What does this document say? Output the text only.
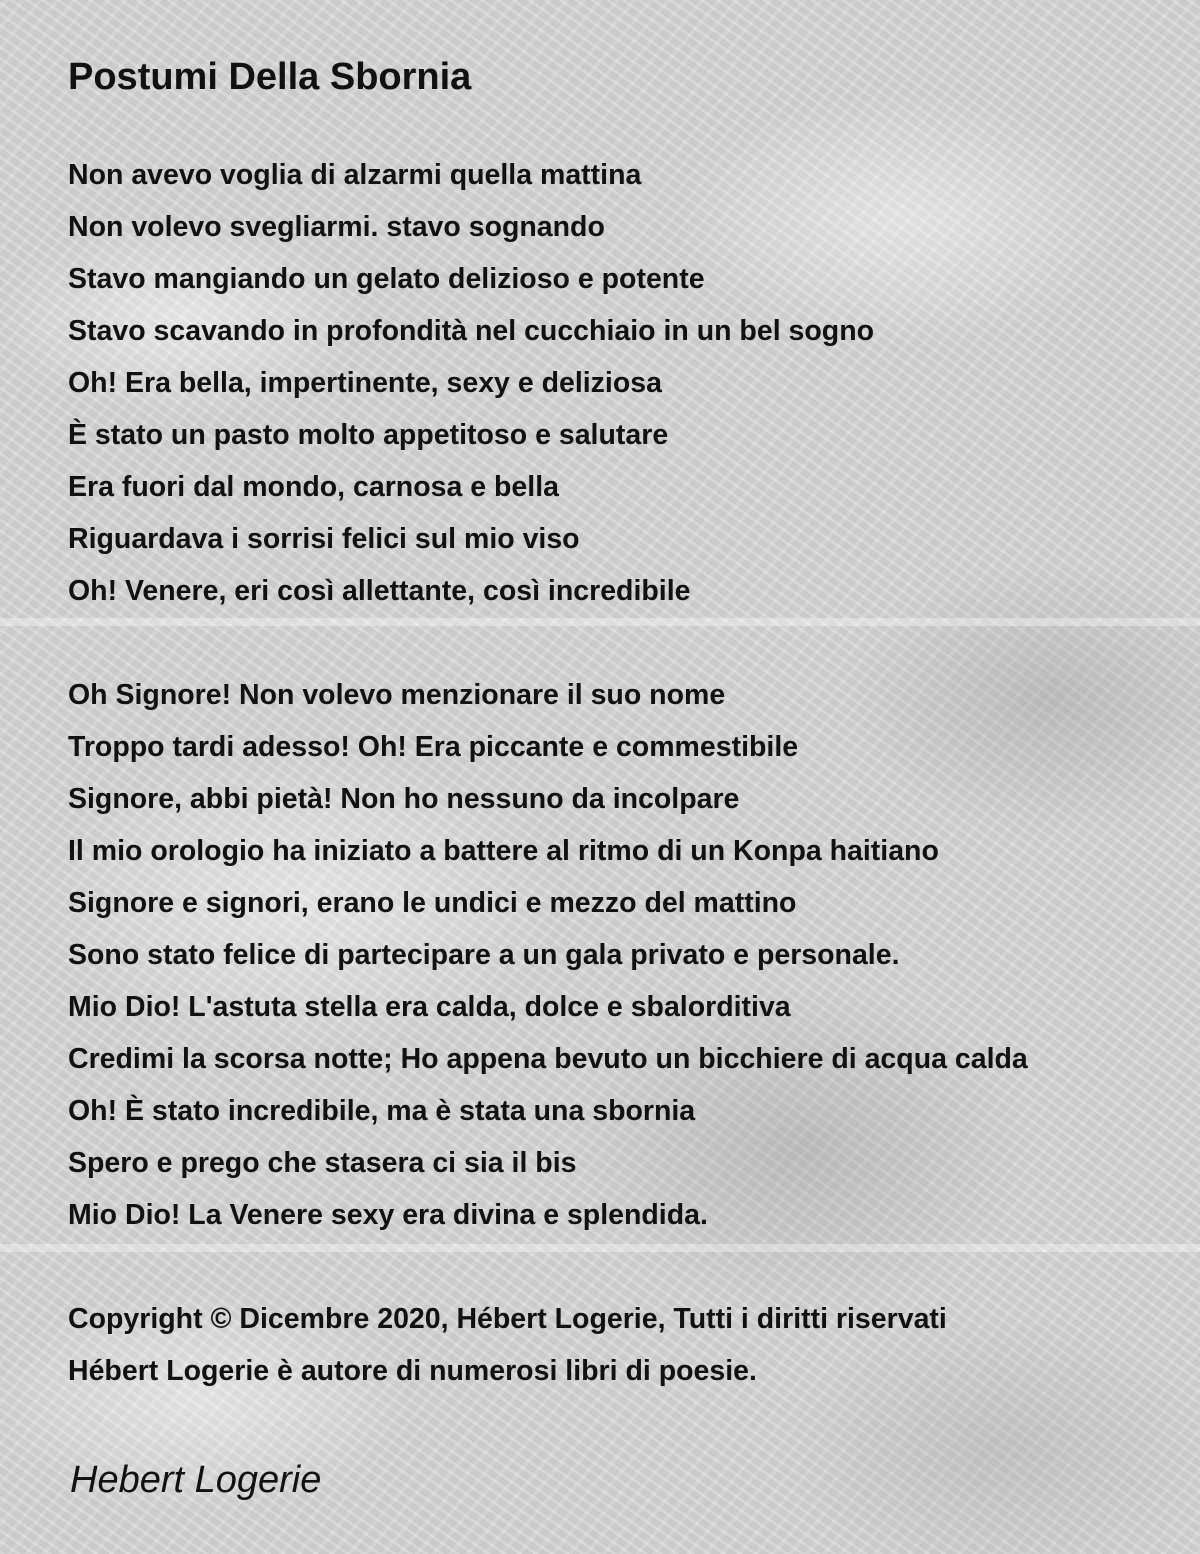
Postumi Della Sbornia
Non avevo voglia di alzarmi quella mattina
Non volevo svegliarmi. stavo sognando
Stavo mangiando un gelato delizioso e potente
Stavo scavando in profondità nel cucchiaio in un bel sogno
Oh! Era bella, impertinente, sexy e deliziosa
È stato un pasto molto appetitoso e salutare
Era fuori dal mondo, carnosa e bella
Riguardava i sorrisi felici sul mio viso
Oh! Venere, eri così allettante, così incredibile
Oh Signore! Non volevo menzionare il suo nome
Troppo tardi adesso! Oh! Era piccante e commestibile
Signore, abbi pietà! Non ho nessuno da incolpare
Il mio orologio ha iniziato a battere al ritmo di un Konpa haitiano
Signore e signori, erano le undici e mezzo del mattino
Sono stato felice di partecipare a un gala privato e personale.
Mio Dio! L'astuta stella era calda, dolce e sbalorditiva
Credimi la scorsa notte; Ho appena bevuto un bicchiere di acqua calda
Oh! È stato incredibile, ma è stata una sbornia
Spero e prego che stasera ci sia il bis
Mio Dio! La Venere sexy era divina e splendida.
Copyright © Dicembre 2020, Hébert Logerie, Tutti i diritti riservati
Hébert Logerie è autore di numerosi libri di poesie.
Hebert Logerie
